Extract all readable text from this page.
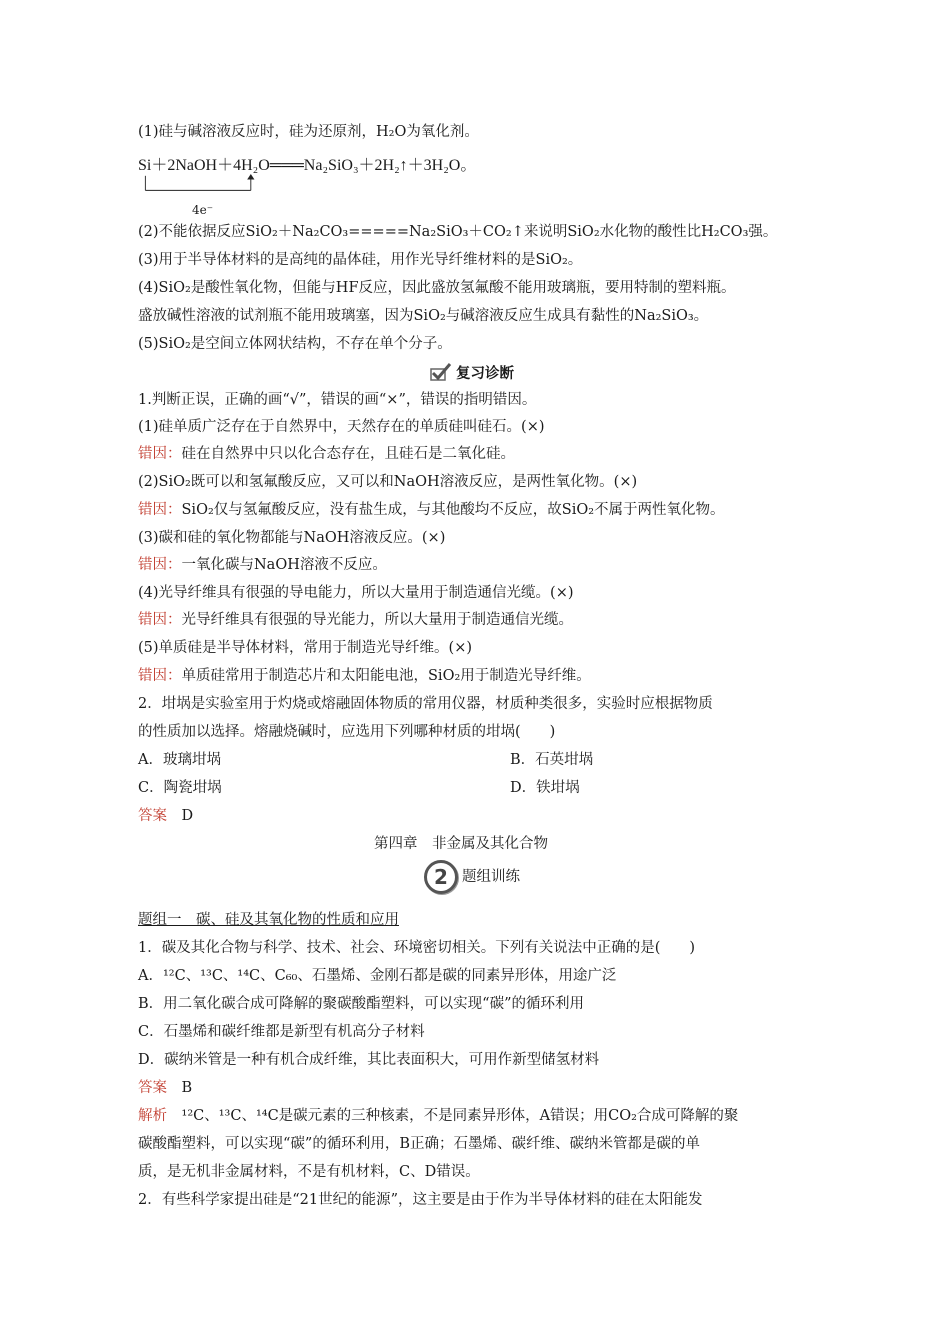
(1)硅与碱溶液反应时，硅为还原剂，H₂O为氧化剂。
Si＋2NaOH＋4H₂O═══Na₂SiO₃＋2H₂↑＋3H₂O。
4e⁻
(2)不能依据反应SiO₂＋Na₂CO₃=====Na₂SiO₃＋CO₂↑来说明SiO₂水化物的酸性比H₂CO₃强。
(3)用于半导体材料的是高纯的晶体硅，用作光导纤维材料的是SiO₂。
(4)SiO₂是酸性氧化物，但能与HF反应，因此盛放氢氟酸不能用玻璃瓶，要用特制的塑料瓶。
盛放碱性溶液的试剂瓶不能用玻璃塞，因为SiO₂与碱溶液反应生成具有黏性的Na₂SiO₃。
(5)SiO₂是空间立体网状结构，不存在单个分子。
复习诊断
1.判断正误，正确的画“√”，错误的画“×”，错误的指明错因。
(1)硅单质广泛存在于自然界中，天然存在的单质硅叫硅石。(×)
错因：硅在自然界中只以化合态存在，且硅石是二氧化硅。
(2)SiO₂既可以和氢氟酸反应，又可以和NaOH溶液反应，是两性氧化物。(×)
错因：SiO₂仅与氢氟酸反应，没有盐生成，与其他酸均不反应，故SiO₂不属于两性氧化物。
(3)碳和硅的氧化物都能与NaOH溶液反应。(×)
错因：一氧化碳与NaOH溶液不反应。
(4)光导纤维具有很强的导电能力，所以大量用于制造通信光缆。(×)
错因：光导纤维具有很强的导光能力，所以大量用于制造通信光缆。
(5)单质硅是半导体材料，常用于制造光导纤维。(×)
错因：单质硅常用于制造芯片和太阳能电池，SiO₂用于制造光导纤维。
2．坩埚是实验室用于灼烧或熔融固体物质的常用仪器，材质种类很多，实验时应根据物质
的性质加以选择。熔融烧碱时，应选用下列哪种材质的坩埚(　　)
A．玻璃坩埚	B．石英坩埚
C．陶瓷坩埚	D．铁坩埚
答案　 D
第四章　非金属及其化合物
2 题组训练
题组一　碳、硅及其氧化物的性质和应用
1．碳及其化合物与科学、技术、社会、环境密切相关。下列有关说法中正确的是(　　)
A．¹²C、¹³C、¹⁴C、C₆₀、石墨烯、金刚石都是碳的同素异形体，用途广泛
B．用二氧化碳合成可降解的聚碳酸酯塑料，可以实现“碳”的循环利用
C．石墨烯和碳纤维都是新型有机高分子材料
D．碳纳米管是一种有机合成纤维，其比表面积大，可用作新型储氢材料
答案　 B
解析　 ¹²C、¹³C、¹⁴C是碳元素的三种核素，不是同素异形体，A错误；用CO₂合成可降解的聚
碳酸酯塑料，可以实现“碳”的循环利用，B正确；石墨烯、碳纤维、碳纳米管都是碳的单
质，是无机非金属材料，不是有机材料，C、D错误。
2．有些科学家提出硅是“21世纪的能源”，这主要是由于作为半导体材料的硅在太阳能发
